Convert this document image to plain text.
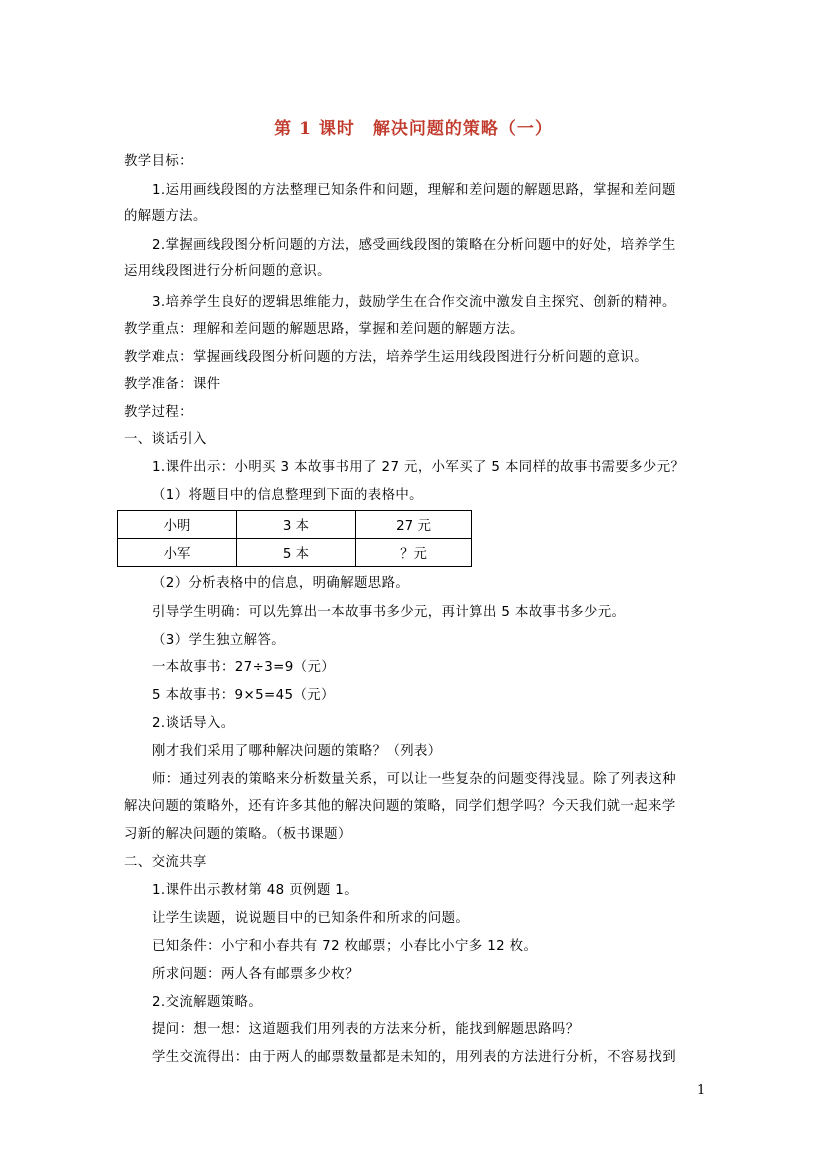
第 1 课时　解决问题的策略（一）
教学目标：
1.运用画线段图的方法整理已知条件和问题，理解和差问题的解题思路，掌握和差问题
的解题方法。
2.掌握画线段图分析问题的方法，感受画线段图的策略在分析问题中的好处，培养学生
运用线段图进行分析问题的意识。
3.培养学生良好的逻辑思维能力，鼓励学生在合作交流中激发自主探究、创新的精神。
教学重点：理解和差问题的解题思路，掌握和差问题的解题方法。
教学难点：掌握画线段图分析问题的方法，培养学生运用线段图进行分析问题的意识。
教学准备：课件
教学过程：
一、谈话引入
1.课件出示：小明买 3 本故事书用了 27 元，小军买了 5 本同样的故事书需要多少元？
（1）将题目中的信息整理到下面的表格中。
小明	3 本	27 元
小军	5 本	？元
（2）分析表格中的信息，明确解题思路。
引导学生明确：可以先算出一本故事书多少元，再计算出 5 本故事书多少元。
（3）学生独立解答。
一本故事书：27÷3=9（元）
5 本故事书：9×5=45（元）
2.谈话导入。
刚才我们采用了哪种解决问题的策略？（列表）
师：通过列表的策略来分析数量关系，可以让一些复杂的问题变得浅显。除了列表这种
解决问题的策略外，还有许多其他的解决问题的策略，同学们想学吗？今天我们就一起来学
习新的解决问题的策略。（板书课题）
二、交流共享
1.课件出示教材第 48 页例题 1。
让学生读题，说说题目中的已知条件和所求的问题。
已知条件：小宁和小春共有 72 枚邮票；小春比小宁多 12 枚。
所求问题：两人各有邮票多少枚？
2.交流解题策略。
提问：想一想：这道题我们用列表的方法来分析，能找到解题思路吗？
学生交流得出：由于两人的邮票数量都是未知的，用列表的方法进行分析，不容易找到
1
